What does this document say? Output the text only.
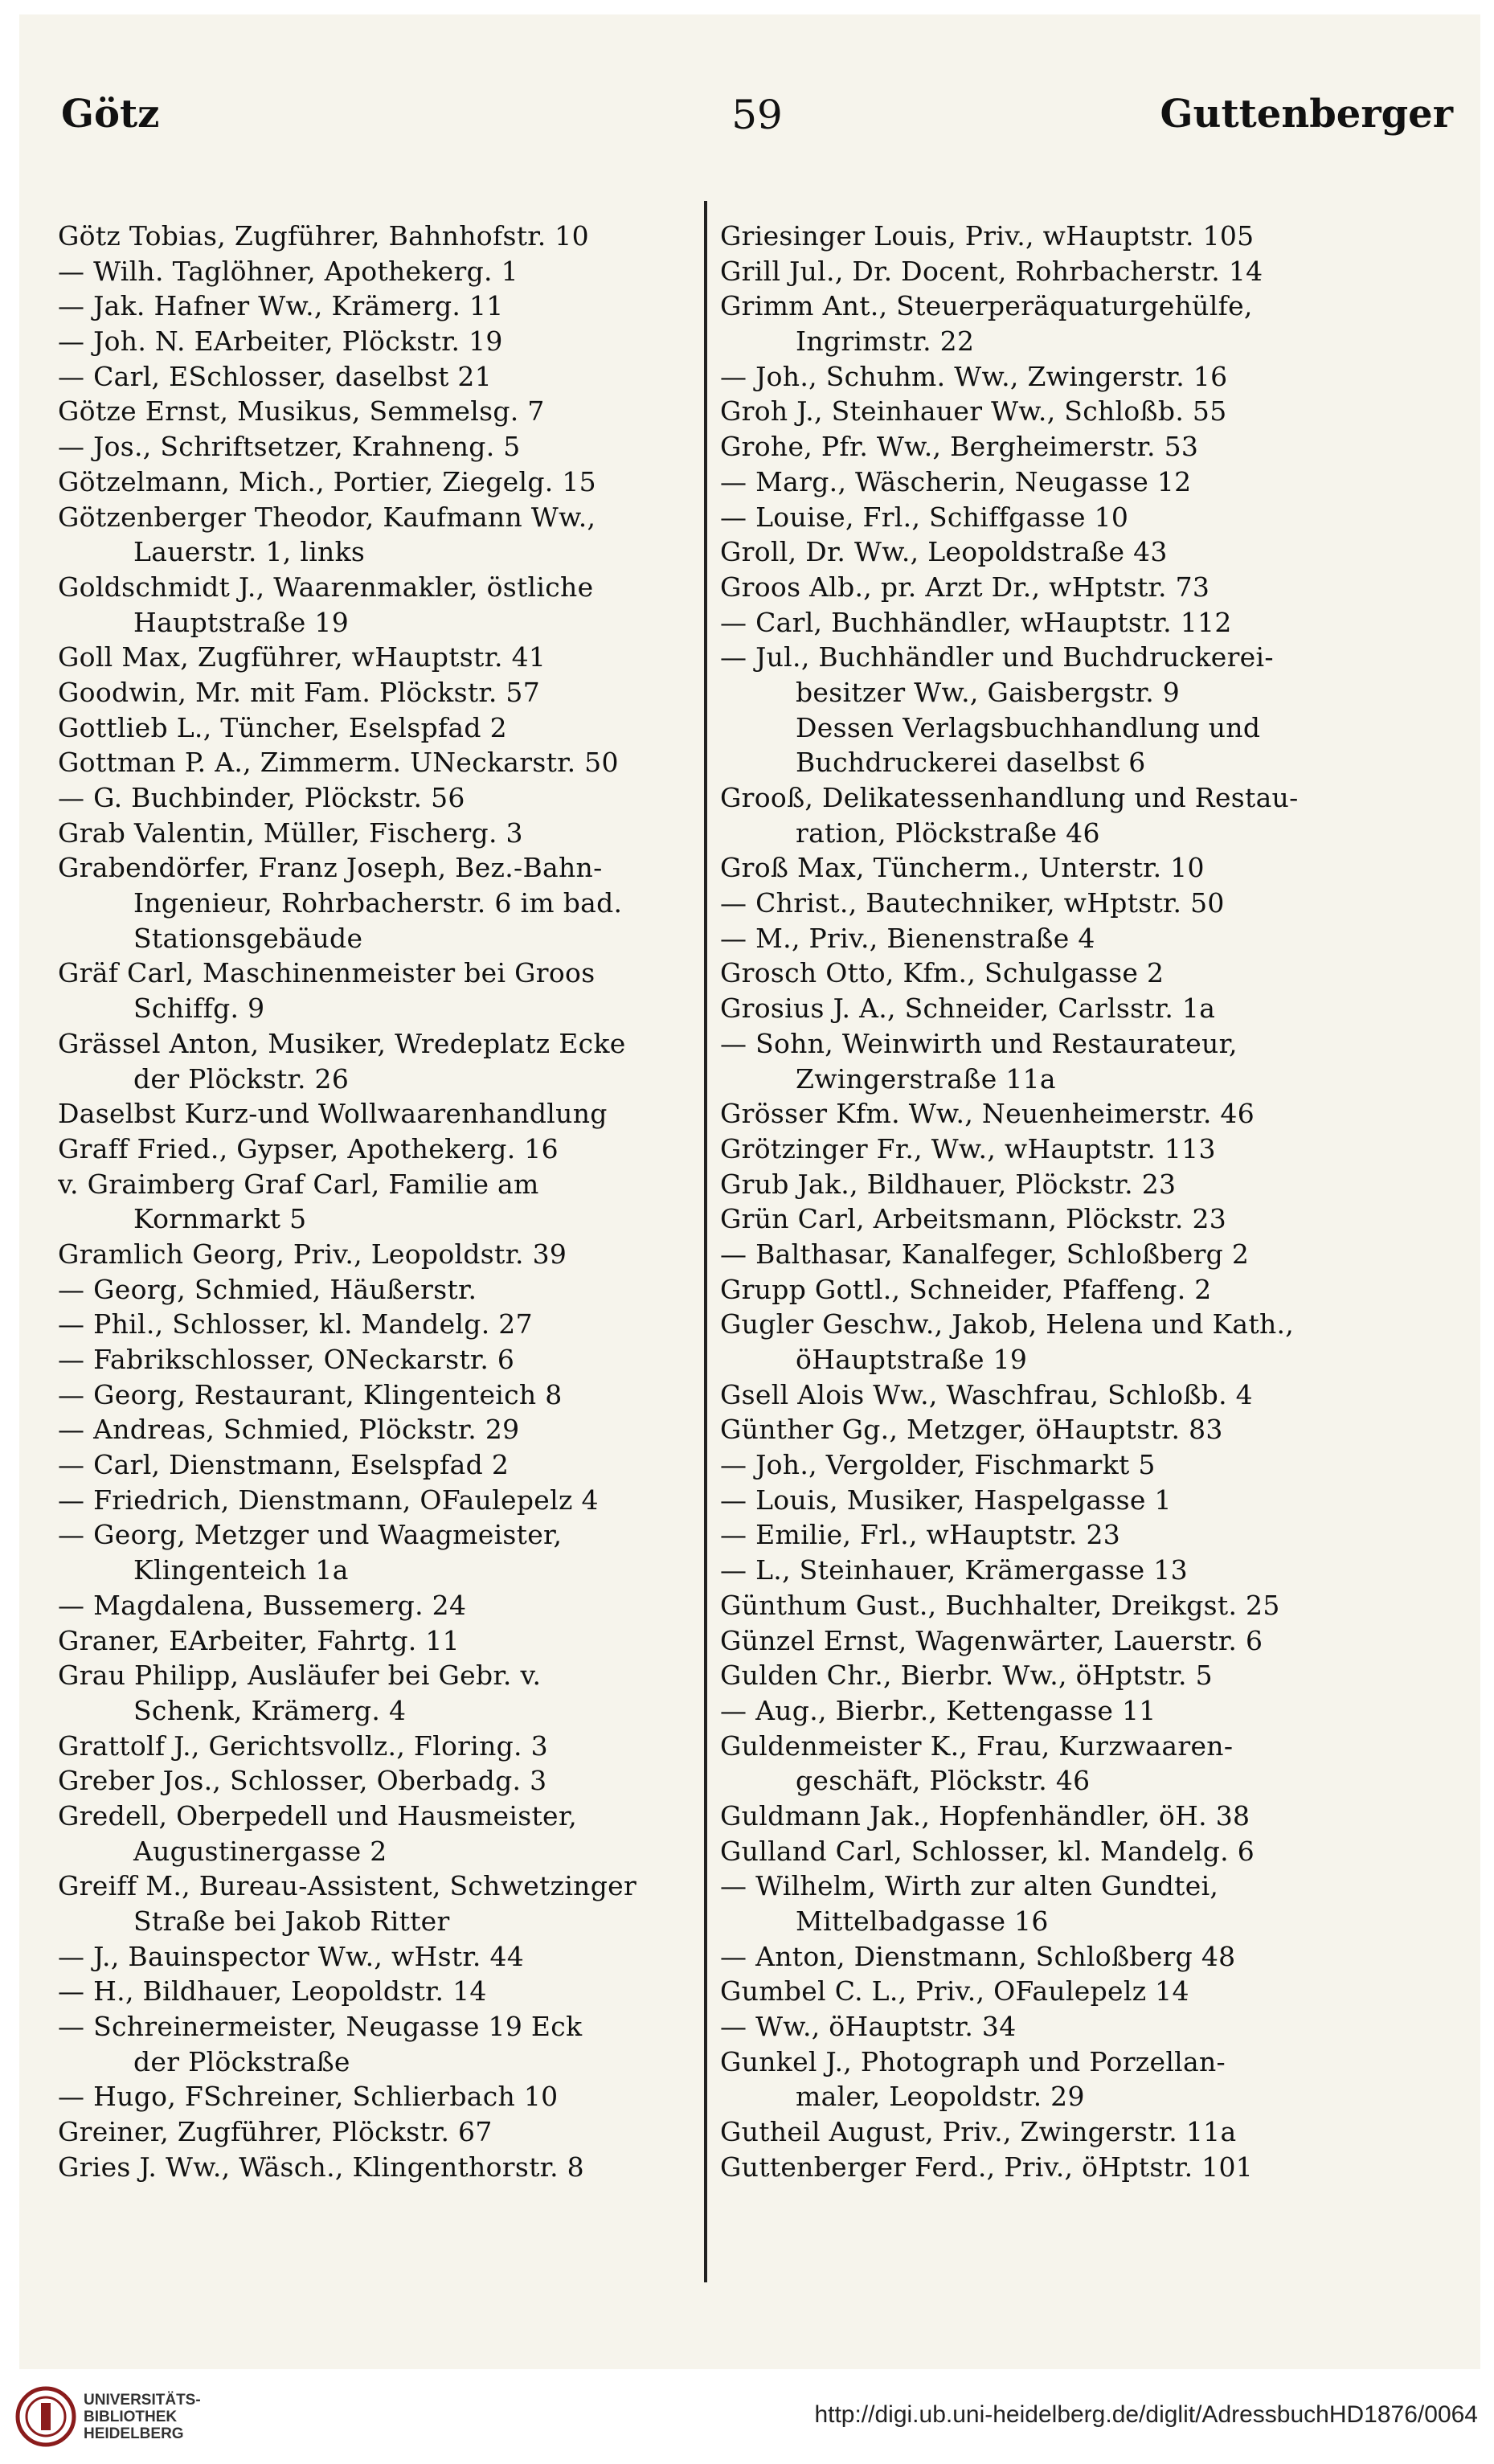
Götz	59	Guttenberger
Götz Tobias, Zugführer, Bahnhofstr. 10
— Wilh. Taglöhner, Apothekerg. 1
— Jak. Hafner Ww., Krämerg. 11
— Joh. N. EArbeiter, Plöckstr. 19
— Carl, ESchlosser, daselbst 21
Götze Ernst, Musikus, Semmelsg. 7
— Jos., Schriftsetzer, Krahneng. 5
Götzelmann, Mich., Portier, Ziegelg. 15
Götzenberger Theodor, Kaufmann Ww.,
Lauerstr. 1, links
Goldschmidt J., Waarenmakler, östliche
Hauptstraße 19
Goll Max, Zugführer, wHauptstr. 41
Goodwin, Mr. mit Fam. Plöckstr. 57
Gottlieb L., Tüncher, Eselspfad 2
Gottman P. A., Zimmerm. UNeckarstr. 50
— G. Buchbinder, Plöckstr. 56
Grab Valentin, Müller, Fischerg. 3
Grabendörfer, Franz Joseph, Bez.-Bahn-
Ingenieur, Rohrbacherstr. 6 im bad.
Stationsgebäude
Gräf Carl, Maschinenmeister bei Groos
Schiffg. 9
Grässel Anton, Musiker, Wredeplatz Ecke
der Plöckstr. 26
Daselbst Kurz-und Wollwaarenhandlung
Graff Fried., Gypser, Apothekerg. 16
v. Graimberg Graf Carl, Familie am
Kornmarkt 5
Gramlich Georg, Priv., Leopoldstr. 39
— Georg, Schmied, Häußerstr.
— Phil., Schlosser, kl. Mandelg. 27
— Fabrikschlosser, ONeckarstr. 6
— Georg, Restaurant, Klingenteich 8
— Andreas, Schmied, Plöckstr. 29
— Carl, Dienstmann, Eselspfad 2
— Friedrich, Dienstmann, OFaulepelz 4
— Georg, Metzger und Waagmeister,
Klingenteich 1a
— Magdalena, Bussemerg. 24
Graner, EArbeiter, Fahrtg. 11
Grau Philipp, Ausläufer bei Gebr. v.
Schenk, Krämerg. 4
Grattolf J., Gerichtsvollz., Floring. 3
Greber Jos., Schlosser, Oberbadg. 3
Gredell, Oberpedell und Hausmeister,
Augustinergasse 2
Greiff M., Bureau-Assistent, Schwetzinger
Straße bei Jakob Ritter
— J., Bauinspector Ww., wHstr. 44
— H., Bildhauer, Leopoldstr. 14
— Schreinermeister, Neugasse 19 Eck
der Plöckstraße
— Hugo, FSchreiner, Schlierbach 10
Greiner, Zugführer, Plöckstr. 67
Gries J. Ww., Wäsch., Klingenthorstr. 8
Griesinger Louis, Priv., wHauptstr. 105
Grill Jul., Dr. Docent, Rohrbacherstr. 14
Grimm Ant., Steuerperäquaturgehülfe,
Ingrimstr. 22
— Joh., Schuhm. Ww., Zwingerstr. 16
Groh J., Steinhauer Ww., Schloßb. 55
Grohe, Pfr. Ww., Bergheimerstr. 53
— Marg., Wäscherin, Neugasse 12
— Louise, Frl., Schiffgasse 10
Groll, Dr. Ww., Leopoldstraße 43
Groos Alb., pr. Arzt Dr., wHptstr. 73
— Carl, Buchhändler, wHauptstr. 112
— Jul., Buchhändler und Buchdruckerei-
besitzer Ww., Gaisbergstr. 9
Dessen Verlagsbuchhandlung und
Buchdruckerei daselbst 6
Grooß, Delikatessenhandlung und Restau-
ration, Plöckstraße 46
Groß Max, Tüncherm., Unterstr. 10
— Christ., Bautechniker, wHptstr. 50
— M., Priv., Bienenstraße 4
Grosch Otto, Kfm., Schulgasse 2
Grosius J. A., Schneider, Carlsstr. 1a
— Sohn, Weinwirth und Restaurateur,
Zwingerstraße 11a
Grösser Kfm. Ww., Neuenheimerstr. 46
Grötzinger Fr., Ww., wHauptstr. 113
Grub Jak., Bildhauer, Plöckstr. 23
Grün Carl, Arbeitsmann, Plöckstr. 23
— Balthasar, Kanalfeger, Schloßberg 2
Grupp Gottl., Schneider, Pfaffeng. 2
Gugler Geschw., Jakob, Helena und Kath.,
öHauptstraße 19
Gsell Alois Ww., Waschfrau, Schloßb. 4
Günther Gg., Metzger, öHauptstr. 83
— Joh., Vergolder, Fischmarkt 5
— Louis, Musiker, Haspelgasse 1
— Emilie, Frl., wHauptstr. 23
— L., Steinhauer, Krämergasse 13
Günthum Gust., Buchhalter, Dreikgst. 25
Günzel Ernst, Wagenwärter, Lauerstr. 6
Gulden Chr., Bierbr. Ww., öHptstr. 5
— Aug., Bierbr., Kettengasse 11
Guldenmeister K., Frau, Kurzwaaren-
geschäft, Plöckstr. 46
Guldmann Jak., Hopfenhändler, öH. 38
Gulland Carl, Schlosser, kl. Mandelg. 6
— Wilhelm, Wirth zur alten Gundtei,
Mittelbadgasse 16
— Anton, Dienstmann, Schloßberg 48
Gumbel C. L., Priv., OFaulepelz 14
— Ww., öHauptstr. 34
Gunkel J., Photograph und Porzellan-
maler, Leopoldstr. 29
Gutheil August, Priv., Zwingerstr. 11a
Guttenberger Ferd., Priv., öHptstr. 101
UNIVERSITÄTS-
BIBLIOTHEK
HEIDELBERG
http://digi.ub.uni-heidelberg.de/diglit/AdressbuchHD1876/0064
